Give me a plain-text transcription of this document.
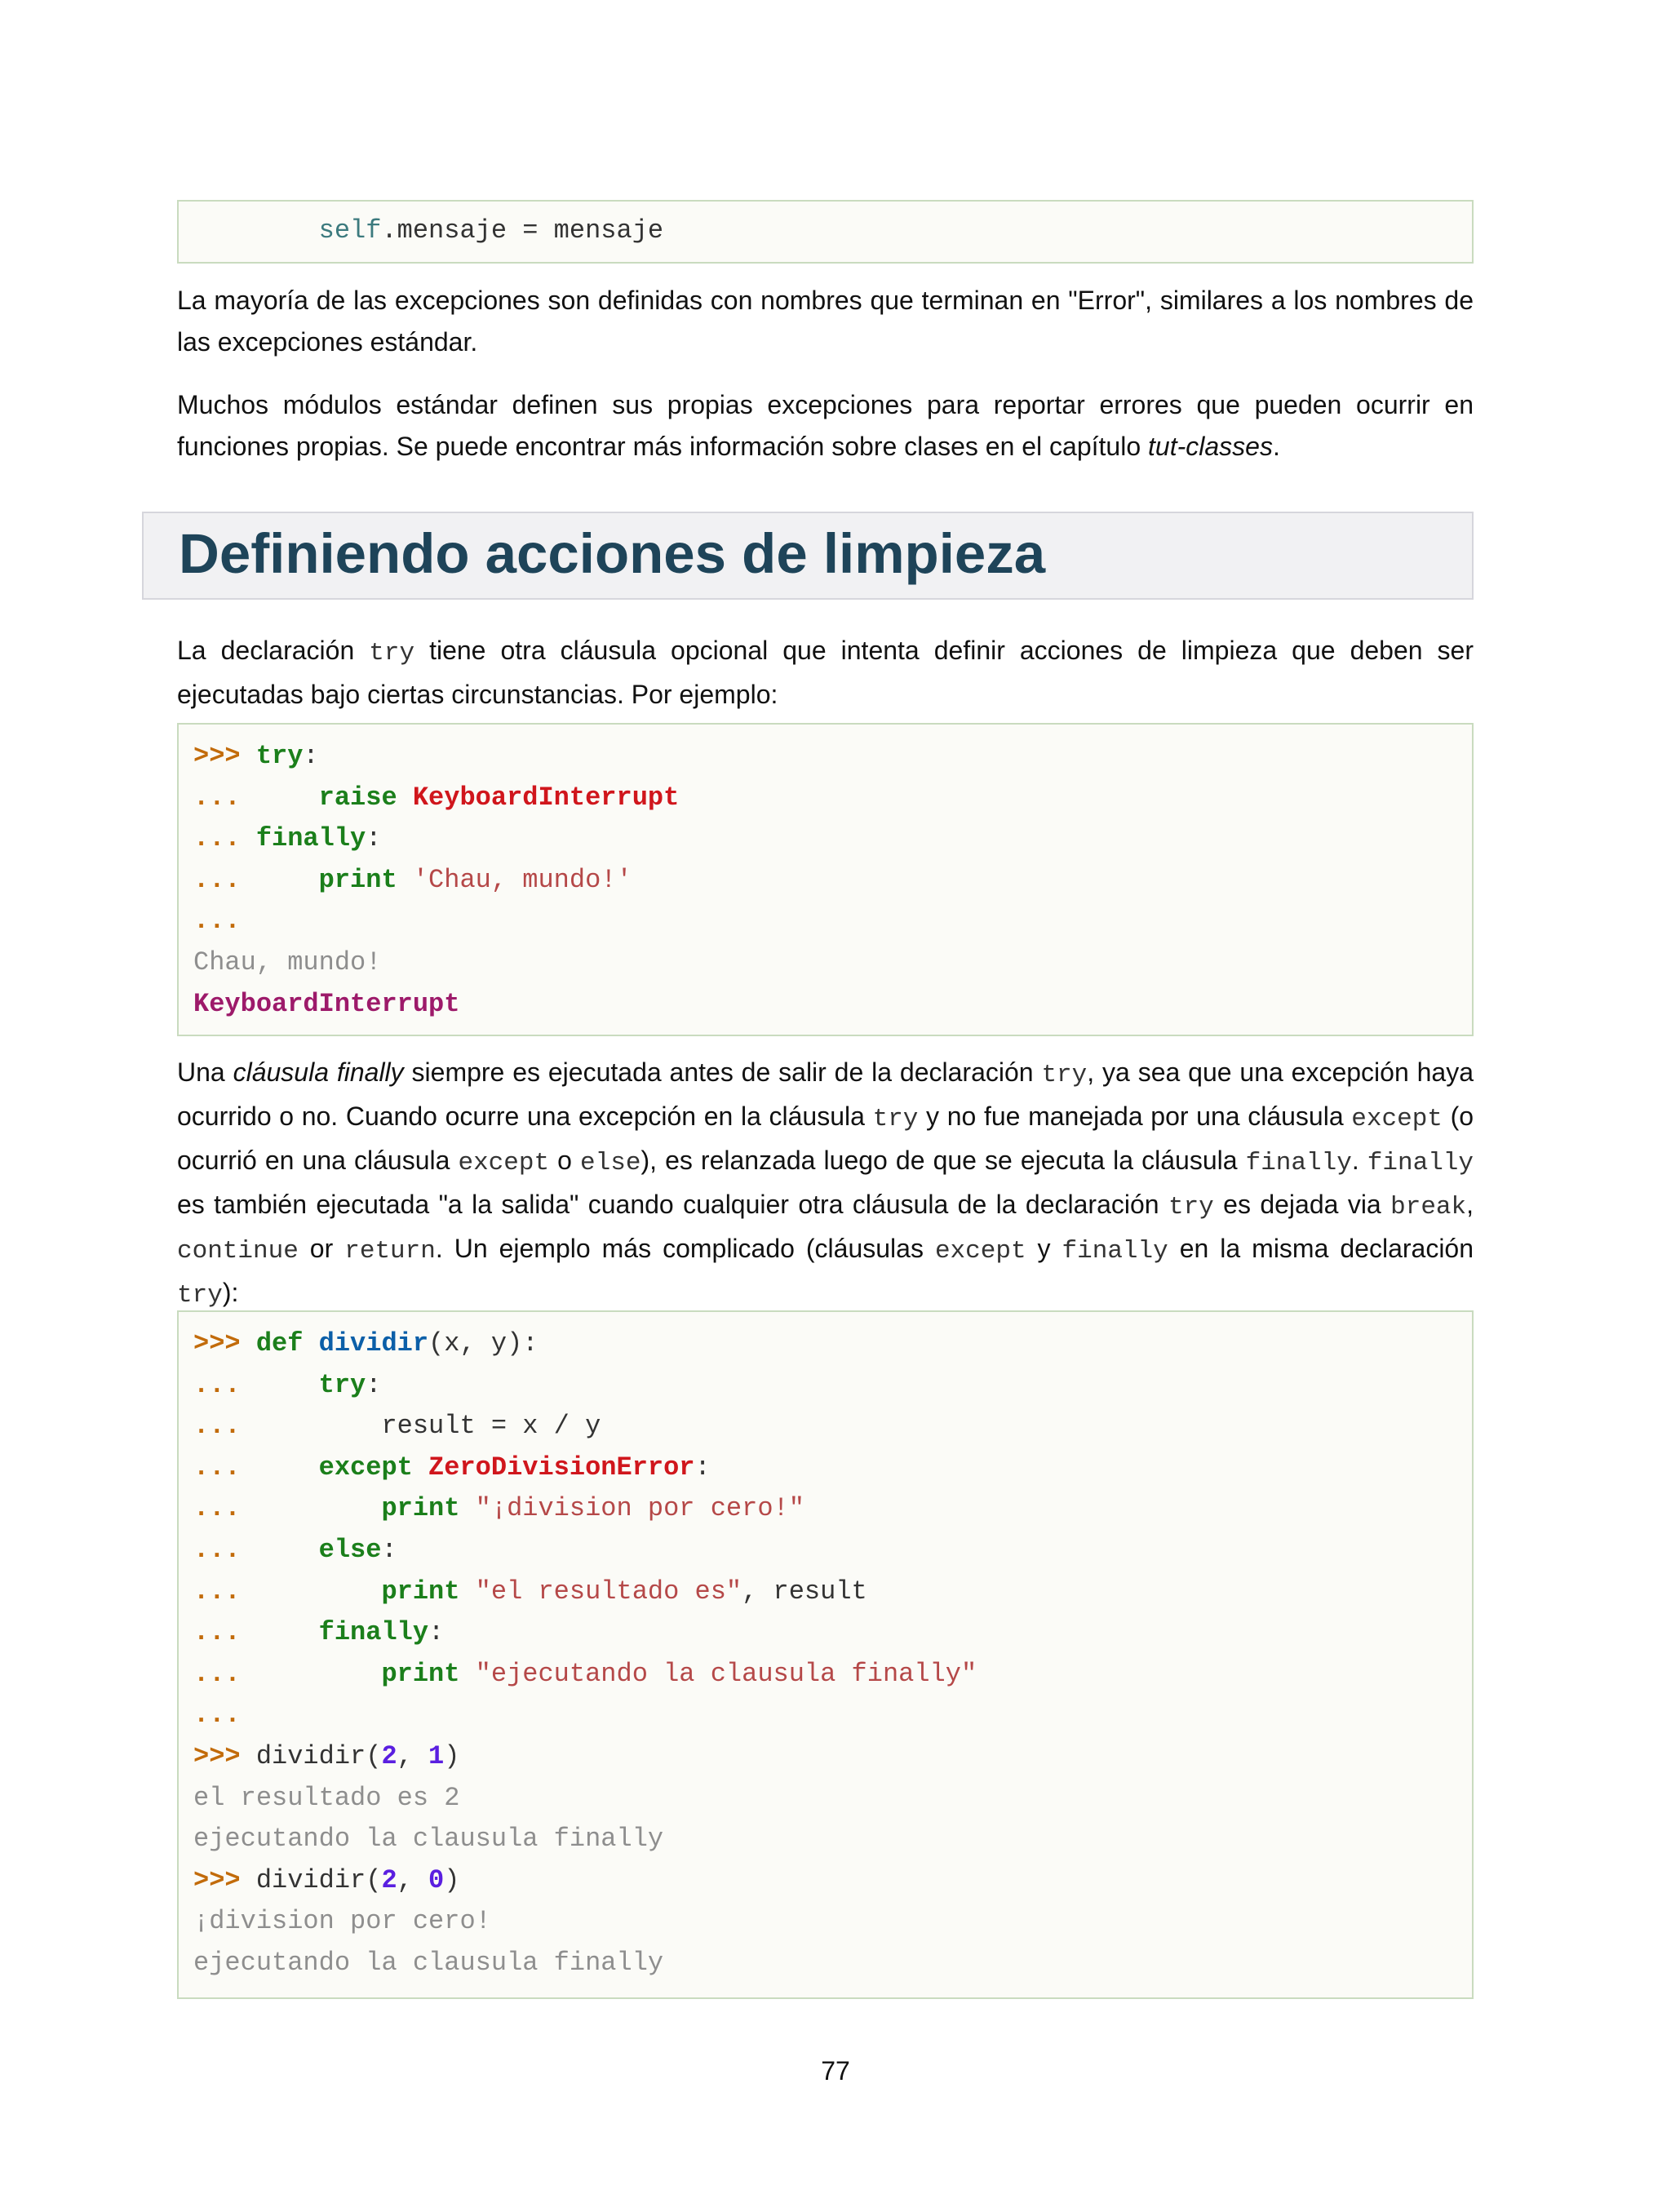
self.mensaje = mensaje

La mayoría de las excepciones son definidas con nombres que terminan en "Error", similares a los nombres de las excepciones estándar.

Muchos módulos estándar definen sus propias excepciones para reportar errores que pueden ocurrir en funciones propias. Se puede encontrar más información sobre clases en el capítulo tut-classes.

Definiendo acciones de limpieza

La declaración try tiene otra cláusula opcional que intenta definir acciones de limpieza que deben ser ejecutadas bajo ciertas circunstancias. Por ejemplo:

>>> try:
...	raise KeyboardInterrupt
... finally:
...	print 'Chau, mundo!'
...
Chau, mundo!
KeyboardInterrupt

Una cláusula finally siempre es ejecutada antes de salir de la declaración try, ya sea que una excepción haya ocurrido o no. Cuando ocurre una excepción en la cláusula try y no fue manejada por una cláusula except (o ocurrió en una cláusula except o else), es relanzada luego de que se ejecuta la cláusula finally. finally es también ejecutada "a la salida" cuando cualquier otra cláusula de la declaración try es dejada via break, continue or return. Un ejemplo más complicado (cláusulas except y finally en la misma declaración try):

>>> def dividir(x, y):
...	try:
...	result = x / y
...	except ZeroDivisionError:
...	print "¡division por cero!"
...	else:
...	print "el resultado es", result
...	finally:
...	print "ejecutando la clausula finally"
...
>>> dividir(2, 1)
el resultado es 2
ejecutando la clausula finally
>>> dividir(2, 0)
¡division por cero!
ejecutando la clausula finally
77
